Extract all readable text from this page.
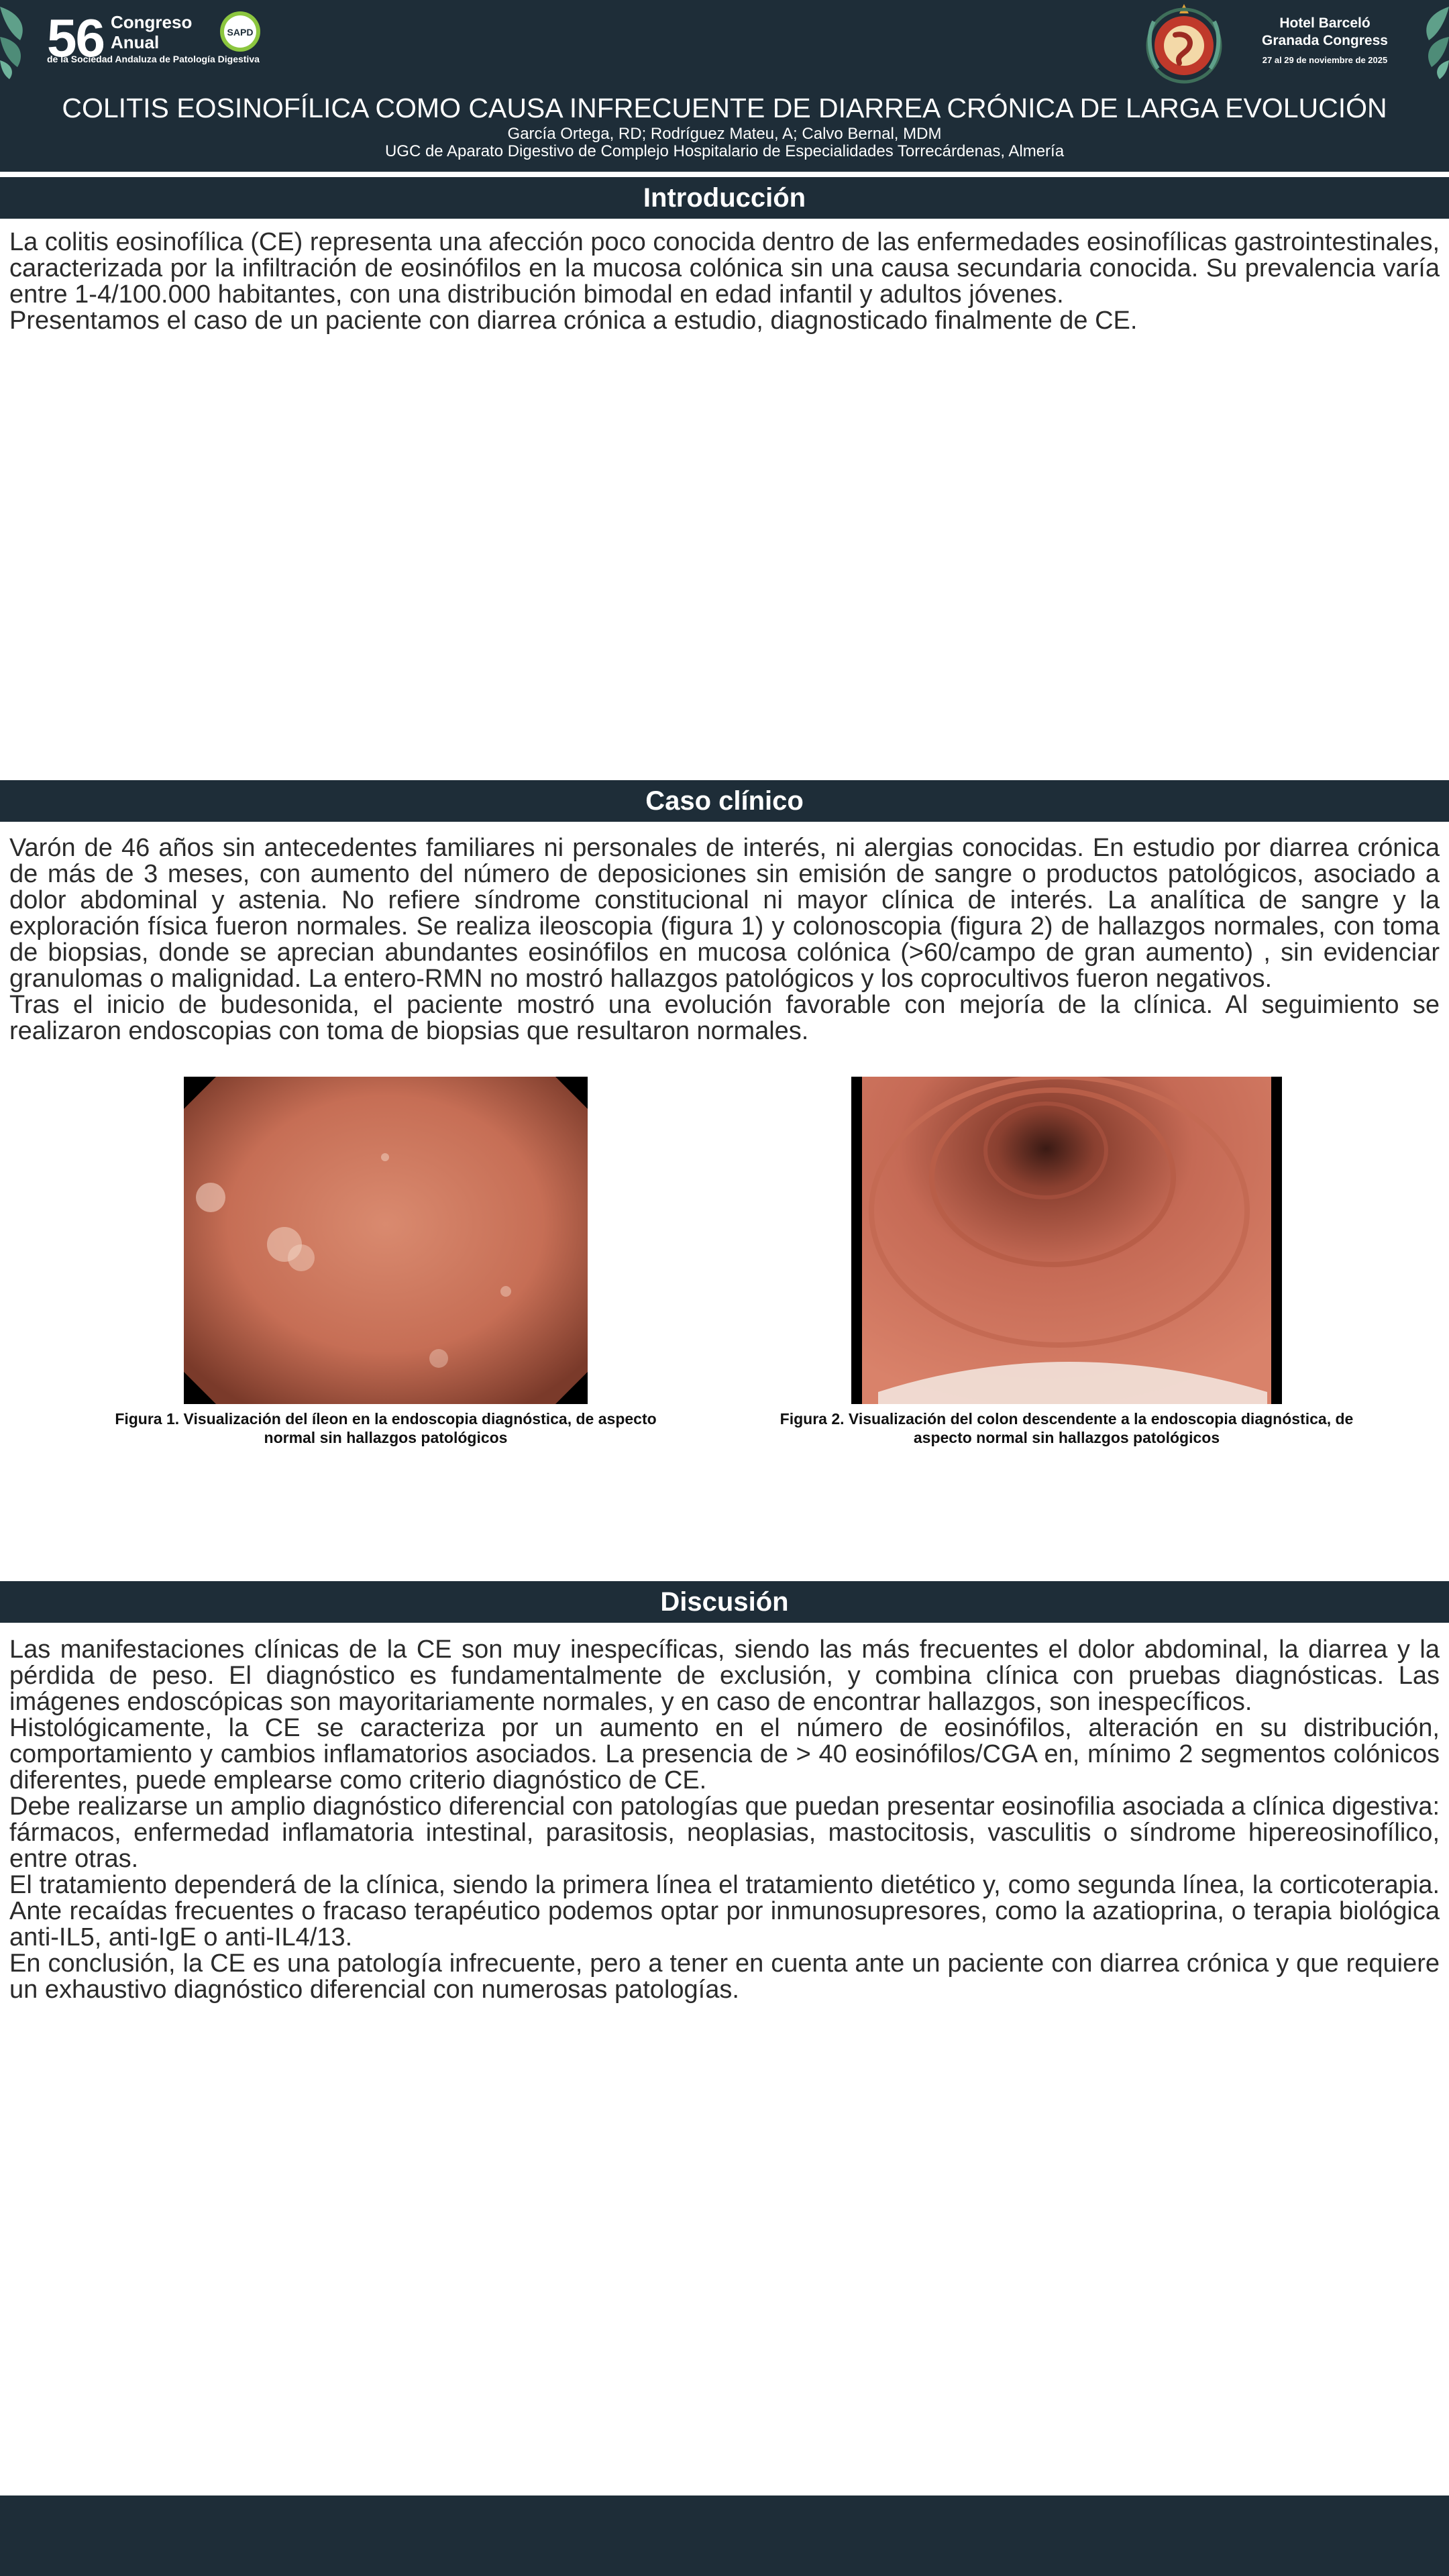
56 Congreso
Anual	SAPD
de la Sociedad Andaluza de Patología Digestiva
Hotel Barceló
Granada Congress
27 al 29 de noviembre de 2025
COLITIS EOSINOFÍLICA COMO CAUSA INFRECUENTE DE DIARREA CRÓNICA DE LARGA EVOLUCIÓN
García Ortega, RD; Rodríguez Mateu, A; Calvo Bernal, MDM
UGC de Aparato Digestivo de Complejo Hospitalario de Especialidades Torrecárdenas, Almería
Introducción

La colitis eosinofílica (CE) representa una afección poco conocida dentro de las enfermedades eosinofílicas gastrointestinales, caracterizada por la infiltración de eosinófilos en la mucosa colónica sin una causa secundaria conocida. Su prevalencia varía entre 1-4/100.000 habitantes, con una distribución bimodal en edad infantil y adultos jóvenes.

Presentamos el caso de un paciente con diarrea crónica a estudio, diagnosticado finalmente de CE.

Caso clínico

Varón de 46 años sin antecedentes familiares ni personales de interés, ni alergias conocidas. En estudio por diarrea crónica de más de 3 meses, con aumento del número de deposiciones sin emisión de sangre o productos patológicos, asociado a dolor abdominal y astenia. No refiere síndrome constitucional ni mayor clínica de interés. La analítica de sangre y la exploración física fueron normales. Se realiza ileoscopia (figura 1) y colonoscopia (figura 2) de hallazgos normales, con toma de biopsias, donde se aprecian abundantes eosinófilos en mucosa colónica (>60/campo de gran aumento) , sin evidenciar granulomas o malignidad. La entero-RMN no mostró hallazgos patológicos y los coprocultivos fueron negativos.

Tras el inicio de budesonida, el paciente mostró una evolución favorable con mejoría de la clínica. Al seguimiento se realizaron endoscopias con toma de biopsias que resultaron normales.

Figura 1. Visualización del íleon en la endoscopia diagnóstica, de aspecto normal sin hallazgos patológicos
Figura 2. Visualización del colon descendente a la endoscopia diagnóstica, de aspecto normal sin hallazgos patológicos
Discusión

Las manifestaciones clínicas de la CE son muy inespecíficas, siendo las más frecuentes el dolor abdominal, la diarrea y la pérdida de peso. El diagnóstico es fundamentalmente de exclusión, y combina clínica con pruebas diagnósticas. Las imágenes endoscópicas son mayoritariamente normales, y en caso de encontrar hallazgos, son inespecíficos.

Histológicamente, la CE se caracteriza por un aumento en el número de eosinófilos, alteración en su distribución, comportamiento y cambios inflamatorios asociados. La presencia de > 40 eosinófilos/CGA en, mínimo 2 segmentos colónicos diferentes, puede emplearse como criterio diagnóstico de CE.

Debe realizarse un amplio diagnóstico diferencial con patologías que puedan presentar eosinofilia asociada a clínica digestiva: fármacos, enfermedad inflamatoria intestinal, parasitosis, neoplasias, mastocitosis, vasculitis o síndrome hipereosinofílico, entre otras.

El tratamiento dependerá de la clínica, siendo la primera línea el tratamiento dietético y, como segunda línea, la corticoterapia. Ante recaídas frecuentes o fracaso terapéutico podemos optar por inmunosupresores, como la azatioprina, o terapia biológica anti-IL5, anti-IgE o anti-IL4/13.

En conclusión, la CE es una patología infrecuente, pero a tener en cuenta ante un paciente con diarrea crónica y que requiere un exhaustivo diagnóstico diferencial con numerosas patologías.
